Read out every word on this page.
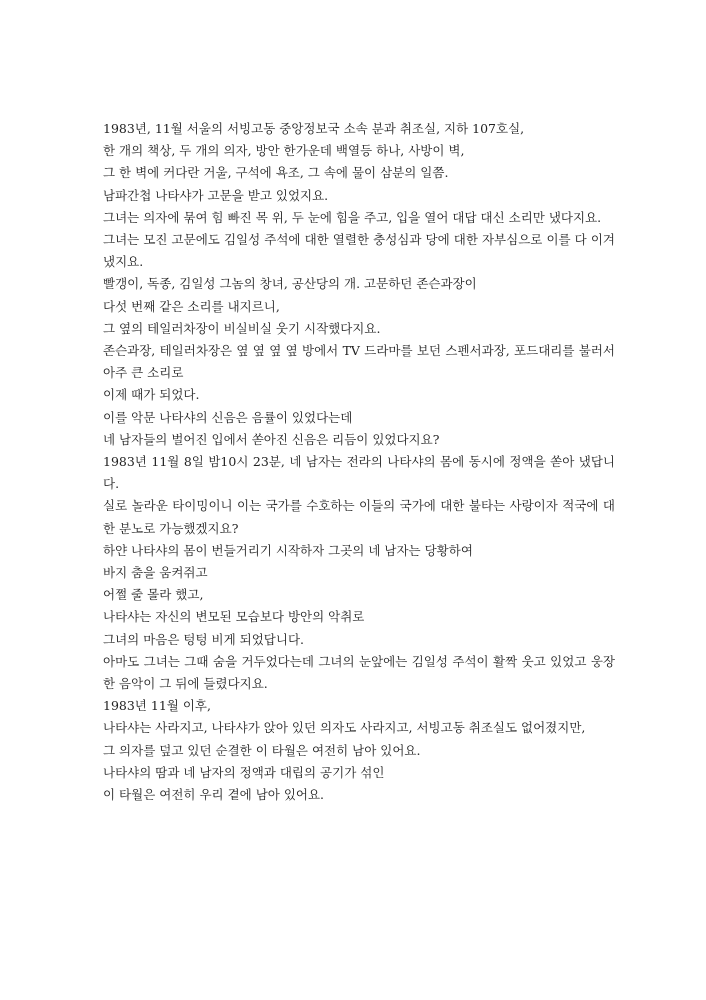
1983년, 11월 서울의 서빙고동 중앙정보국 소속 분과 취조실, 지하 107호실,
한 개의 책상, 두 개의 의자, 방안 한가운데 백열등 하나, 사방이 벽,
그 한 벽에 커다란 거울, 구석에 욕조, 그 속에 물이 삼분의 일쯤.
남파간첩 나타샤가 고문을 받고 있었지요.
그녀는 의자에 묶여 힘 빠진 목 위, 두 눈에 힘을 주고, 입을 열어 대답 대신 소리만 냈다지요.
그녀는 모진 고문에도 김일성 주석에 대한 열렬한 충성심과 당에 대한 자부심으로 이를 다 이겨냈지요.
빨갱이, 독종, 김일성 그놈의 창녀, 공산당의 개. 고문하던 존슨과장이
다섯 번째 같은 소리를 내지르니,
그 옆의 테일러차장이 비실비실 웃기 시작했다지요.
존슨과장, 테일러차장은 옆 옆 옆 옆 방에서 TV 드라마를 보던 스펜서과장, 포드대리를 불러서 아주 큰 소리로
이제 때가 되었다.
이를 악문 나타샤의 신음은 음률이 있었다는데
네 남자들의 벌어진 입에서 쏟아진 신음은 리듬이 있었다지요?
1983년 11월 8일 밤10시 23분, 네 남자는 전라의 나타샤의 몸에 동시에 정액을 쏟아 냈답니다.
실로 놀라운 타이밍이니 이는 국가를 수호하는 이들의 국가에 대한 불타는 사랑이자 적국에 대한 분노로 가능했겠지요?
하얀 나타샤의 몸이 번들거리기 시작하자 그곳의 네 남자는 당황하여
바지 춤을 움켜쥐고
어쩔 줄 몰라 했고,
나타샤는 자신의 변모된 모습보다 방안의 악취로
그녀의 마음은 텅텅 비게 되었답니다.
아마도 그녀는 그때 숨을 거두었다는데 그녀의 눈앞에는 김일성 주석이 활짝 웃고 있었고 웅장한 음악이 그 뒤에 들렸다지요.
1983년 11월 이후,
나타샤는 사라지고, 나타샤가 앉아 있던 의자도 사라지고, 서빙고동 취조실도 없어졌지만,
그 의자를 덮고 있던 순결한 이 타월은 여전히 남아 있어요.
나타샤의 땀과 네 남자의 정액과 대립의 공기가 섞인
이 타월은 여전히 우리 곁에 남아 있어요.
